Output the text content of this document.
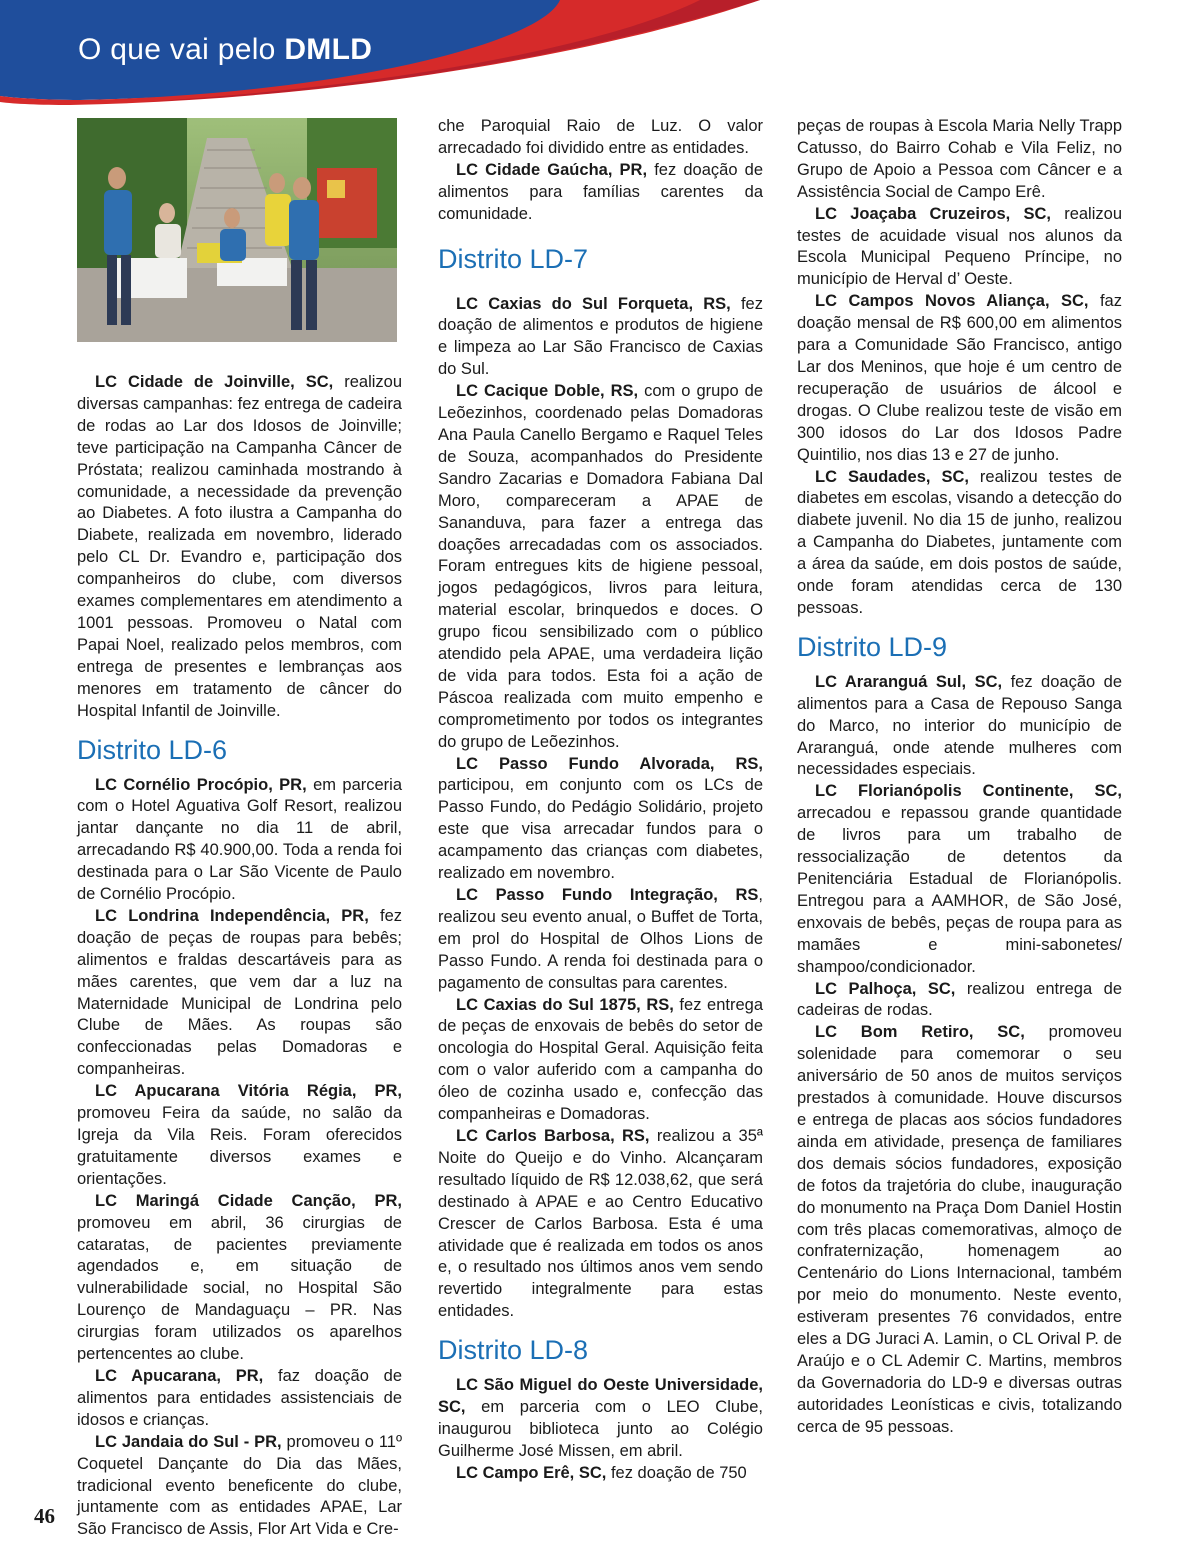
O que vai pelo DMLD

LC Cidade de Joinville, SC, realizou diversas campanhas: fez entrega de cadeira de rodas ao Lar dos Idosos de Joinville; teve participação na Campanha Câncer de Próstata; realizou caminhada mostrando à comunidade, a necessidade da prevenção ao Diabetes. A foto ilustra a Campanha do Diabete, realizada em novembro, liderado pelo CL Dr. Evandro e, participação dos companheiros do clube, com diversos exames complementares em atendimento a 1001 pessoas. Promoveu o Natal com Papai Noel, realizado pelos membros, com entrega de presentes e lembranças aos menores em tratamento de câncer do Hospital Infantil de Joinville.

Distrito LD-6

LC Cornélio Procópio, PR, em parceria com o Hotel Aguativa Golf Resort, realizou jantar dançante no dia 11 de abril, arrecadando R$ 40.900,00. Toda a renda foi destinada para o Lar São Vicente de Paulo de Cornélio Procópio.

LC Londrina Independência, PR, fez doação de peças de roupas para bebês; alimentos e fraldas descartáveis para as mães carentes, que vem dar a luz na Maternidade Municipal de Londrina pelo Clube de Mães. As roupas são confeccionadas pelas Domadoras e companheiras.

LC Apucarana Vitória Régia, PR, promoveu Feira da saúde, no salão da Igreja da Vila Reis. Foram oferecidos gratuitamente diversos exames e orientações.

LC Maringá Cidade Canção, PR, promoveu em abril, 36 cirurgias de cataratas, de pacientes previamente agendados e, em situação de vulnerabilidade social, no Hospital São Lourenço de Mandaguaçu – PR. Nas cirurgias foram utilizados os aparelhos pertencentes ao clube.

LC Apucarana, PR, faz doação de alimentos para entidades assistenciais de idosos e crianças.

LC Jandaia do Sul - PR, promoveu o 11º Coquetel Dançante do Dia das Mães, tradicional evento beneficente do clube, juntamente com as entidades APAE, Lar São Francisco de Assis, Flor Art Vida e Cre-

che Paroquial Raio de Luz. O valor arrecadado foi dividido entre as entidades.

LC Cidade Gaúcha, PR, fez doação de alimentos para famílias carentes da comunidade.

Distrito LD-7

LC Caxias do Sul Forqueta, RS, fez doação de alimentos e produtos de higiene e limpeza ao Lar São Francisco de Caxias do Sul.

LC Cacique Doble, RS, com o grupo de Leõezinhos, coordenado pelas Domadoras Ana Paula Canello Bergamo e Raquel Teles de Souza, acompanhados do Presidente Sandro Zacarias e Domadora Fabiana Dal Moro, compareceram a APAE de Sananduva, para fazer a entrega das doações arrecadadas com os associados. Foram entregues kits de higiene pessoal, jogos pedagógicos, livros para leitura, material escolar, brinquedos e doces. O grupo ficou sensibilizado com o público atendido pela APAE, uma verdadeira lição de vida para todos. Esta foi a ação de Páscoa realizada com muito empenho e comprometimento por todos os integrantes do grupo de Leõezinhos.

LC Passo Fundo Alvorada, RS, participou, em conjunto com os LCs de Passo Fundo, do Pedágio Solidário, projeto este que visa arrecadar fundos para o acampamento das crianças com diabetes, realizado em novembro.

LC Passo Fundo Integração, RS, realizou seu evento anual, o Buffet de Torta, em prol do Hospital de Olhos Lions de Passo Fundo. A renda foi destinada para o pagamento de consultas para carentes.

LC Caxias do Sul 1875, RS, fez entrega de peças de enxovais de bebês do setor de oncologia do Hospital Geral. Aquisição feita com o valor auferido com a campanha do óleo de cozinha usado e, confecção das companheiras e Domadoras.

LC Carlos Barbosa, RS, realizou a 35ª Noite do Queijo e do Vinho. Alcançaram resultado líquido de R$ 12.038,62, que será destinado à APAE e ao Centro Educativo Crescer de Carlos Barbosa. Esta é uma atividade que é realizada em todos os anos e, o resultado nos últimos anos vem sendo revertido integralmente para estas entidades.

Distrito LD-8

LC São Miguel do Oeste Universidade, SC, em parceria com o LEO Clube, inaugurou biblioteca junto ao Colégio Guilherme José Missen, em abril.

LC Campo Erê, SC, fez doação de 750

peças de roupas à Escola Maria Nelly Trapp Catusso, do Bairro Cohab e Vila Feliz, no Grupo de Apoio a Pessoa com Câncer e a Assistência Social de Campo Erê.

LC Joaçaba Cruzeiros, SC, realizou testes de acuidade visual nos alunos da Escola Municipal Pequeno Príncipe, no município de Herval d’ Oeste.

LC Campos Novos Aliança, SC, faz doação mensal de R$ 600,00 em alimentos para a Comunidade São Francisco, antigo Lar dos Meninos, que hoje é um centro de recuperação de usuários de álcool e drogas. O Clube realizou teste de visão em 300 idosos do Lar dos Idosos Padre Quintilio, nos dias 13 e 27 de junho.

LC Saudades, SC, realizou testes de diabetes em escolas, visando a detecção do diabete juvenil. No dia 15 de junho, realizou a Campanha do Diabetes, juntamente com a área da saúde, em dois postos de saúde, onde foram atendidas cerca de 130 pessoas.

Distrito LD-9

LC Araranguá Sul, SC, fez doação de alimentos para a Casa de Repouso Sanga do Marco, no interior do município de Araranguá, onde atende mulheres com necessidades especiais.

LC Florianópolis Continente, SC, arrecadou e repassou grande quantidade de livros para um trabalho de ressocialização de detentos da Penitenciária Estadual de Florianópolis. Entregou para a AAMHOR, de São José, enxovais de bebês, peças de roupa para as mamães e mini-sabonetes/ shampoo/condicionador.

LC Palhoça, SC, realizou entrega de cadeiras de rodas.

LC Bom Retiro, SC, promoveu solenidade para comemorar o seu aniversário de 50 anos de muitos serviços prestados à comunidade. Houve discursos e entrega de placas aos sócios fundadores ainda em atividade, presença de familiares dos demais sócios fundadores, exposição de fotos da trajetória do clube, inauguração do monumento na Praça Dom Daniel Hostin com três placas comemorativas, almoço de confraternização, homenagem ao Centenário do Lions Internacional, também por meio do monumento. Neste evento, estiveram presentes 76 convidados, entre eles a DG Juraci A. Lamin, o CL Orival P. de Araújo e o CL Ademir C. Martins, membros da Governadoria do LD-9 e diversas outras autoridades Leonísticas e civis, totalizando cerca de 95 pessoas.

46
